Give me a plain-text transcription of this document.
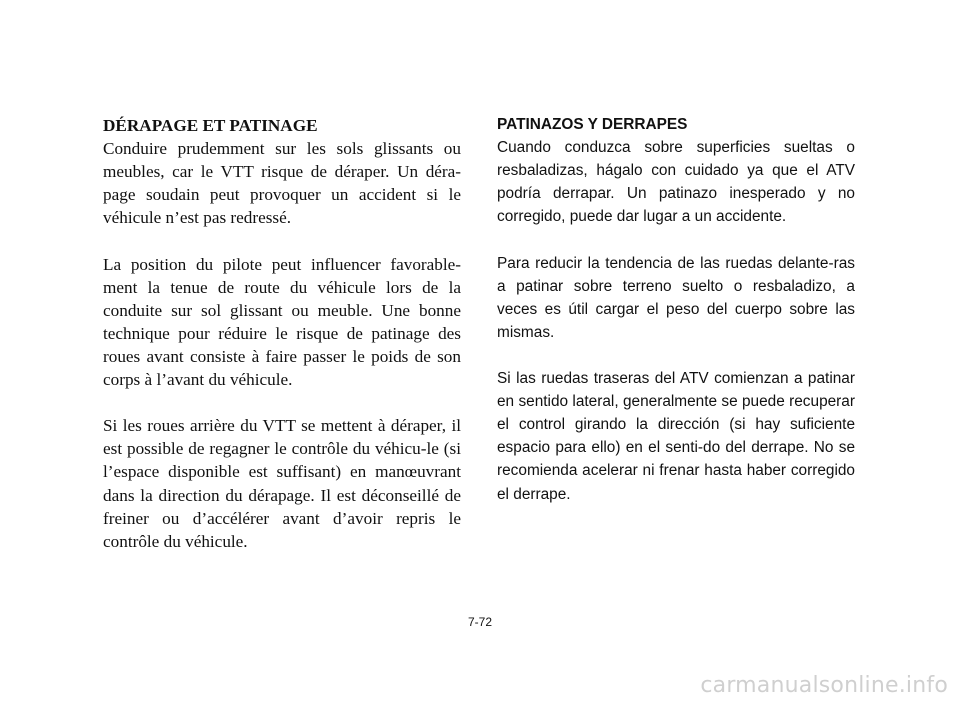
DÉRAPAGE ET PATINAGE

Conduire prudemment sur les sols glissants ou meubles, car le VTT risque de déraper. Un déra-page soudain peut provoquer un accident si le véhicule n’est pas redressé.

La position du pilote peut influencer favorable-ment la tenue de route du véhicule lors de la conduite sur sol glissant ou meuble. Une bonne technique pour réduire le risque de patinage des roues avant consiste à faire passer le poids de son corps à l’avant du véhicule.

Si les roues arrière du VTT se mettent à déraper, il est possible de regagner le contrôle du véhicu-le (si l’espace disponible est suffisant) en manœuvrant dans la direction du dérapage. Il est déconseillé de freiner ou d’accélérer avant d’avoir repris le contrôle du véhicule.

PATINAZOS Y DERRAPES

Cuando conduzca sobre superficies sueltas o resbaladizas, hágalo con cuidado ya que el ATV podría derrapar. Un patinazo inesperado y no corregido, puede dar lugar a un accidente.

Para reducir la tendencia de las ruedas delante-ras a patinar sobre terreno suelto o resbaladizo, a veces es útil cargar el peso del cuerpo sobre las mismas.

Si las ruedas traseras del ATV comienzan a patinar en sentido lateral, generalmente se puede recuperar el control girando la dirección (si hay suficiente espacio para ello) en el senti-do del derrape. No se recomienda acelerar ni frenar hasta haber corregido el derrape.

7-72
carmanualsonline.info
